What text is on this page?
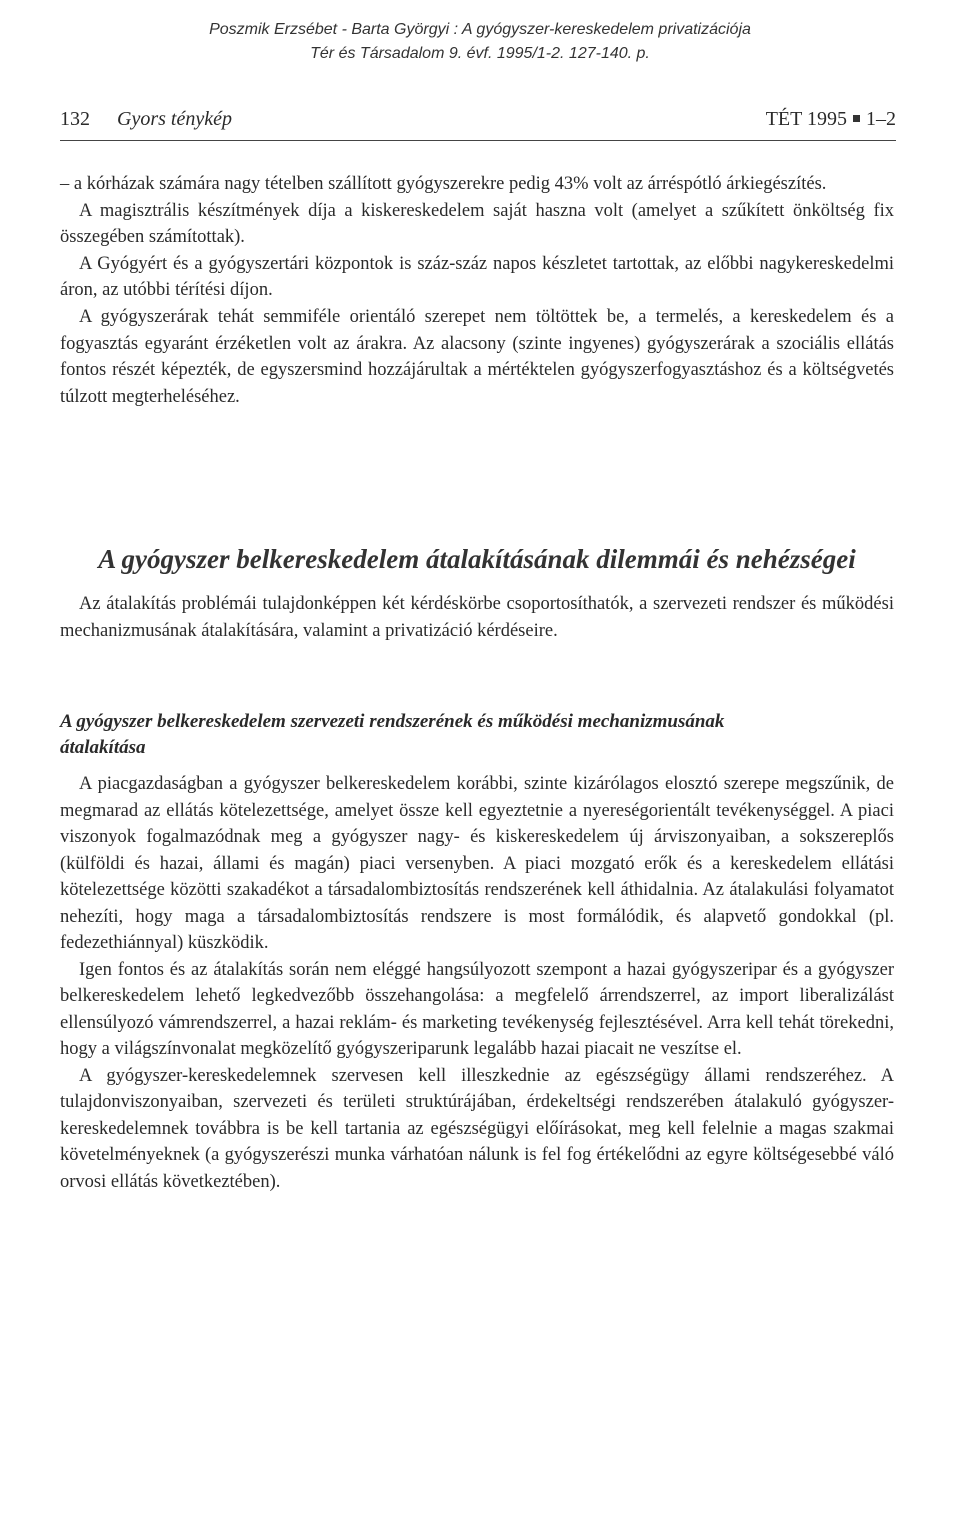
Poszmik Erzsébet - Barta Györgyi : A gyógyszer-kereskedelem privatizációja
Tér és Társadalom 9. évf. 1995/1-2. 127-140. p.
132 Gyors ténykép	TÉT 1995 1–2

– a kórházak számára nagy tételben szállított gyógyszerekre pedig 43% volt az árréspótló árkiegészítés.

A magisztrális készítmények díja a kiskereskedelem saját haszna volt (amelyet a szűkített önköltség fix összegében számítottak).

A Gyógyért és a gyógyszertári központok is száz-száz napos készletet tartottak, az előbbi nagykereskedelmi áron, az utóbbi térítési díjon.

A gyógyszerárak tehát semmiféle orientáló szerepet nem töltöttek be, a termelés, a kereskedelem és a fogyasztás egyaránt érzéketlen volt az árakra. Az alacsony (szinte ingyenes) gyógyszerárak a szociális ellátás fontos részét képezték, de egyszersmind hozzájárultak a mértéktelen gyógyszerfogyasztáshoz és a költségvetés túlzott megterheléséhez.

A gyógyszer belkereskedelem átalakításának dilemmái és nehézségei

Az átalakítás problémái tulajdonképpen két kérdéskörbe csoportosíthatók, a szervezeti rendszer és működési mechanizmusának átalakítására, valamint a privatizáció kérdéseire.

A gyógyszer belkereskedelem szervezeti rendszerének és működési mechanizmusának átalakítása

A piacgazdaságban a gyógyszer belkereskedelem korábbi, szinte kizárólagos elosztó szerepe megszűnik, de megmarad az ellátás kötelezettsége, amelyet össze kell egyeztetnie a nyereségorientált tevékenységgel. A piaci viszonyok fogalmazódnak meg a gyógyszer nagy- és kiskereskedelem új árviszonyaiban, a sokszereplős (külföldi és hazai, állami és magán) piaci versenyben. A piaci mozgató erők és a kereskedelem ellátási kötelezettsége közötti szakadékot a társadalombiztosítás rendszerének kell áthidalnia. Az átalakulási folyamatot nehezíti, hogy maga a társadalombiztosítás rendszere is most formálódik, és alapvető gondokkal (pl. fedezethiánnyal) küszködik.

Igen fontos és az átalakítás során nem eléggé hangsúlyozott szempont a hazai gyógyszeripar és a gyógyszer belkereskedelem lehető legkedvezőbb összehangolása: a megfelelő árrendszerrel, az import liberalizálást ellensúlyozó vámrendszerrel, a hazai reklám- és marketing tevékenység fejlesztésével. Arra kell tehát törekedni, hogy a világszínvonalat megközelítő gyógyszeriparunk legalább hazai piacait ne veszítse el.

A gyógyszer-kereskedelemnek szervesen kell illeszkednie az egészségügy állami rendszeréhez. A tulajdonviszonyaiban, szervezeti és területi struktúrájában, érdekeltségi rendszerében átalakuló gyógyszer-kereskedelemnek továbbra is be kell tartania az egészségügyi előírásokat, meg kell felelnie a magas szakmai követelményeknek (a gyógyszerészi munka várhatóan nálunk is fel fog értékelődni az egyre költségesebbé váló orvosi ellátás következtében).
